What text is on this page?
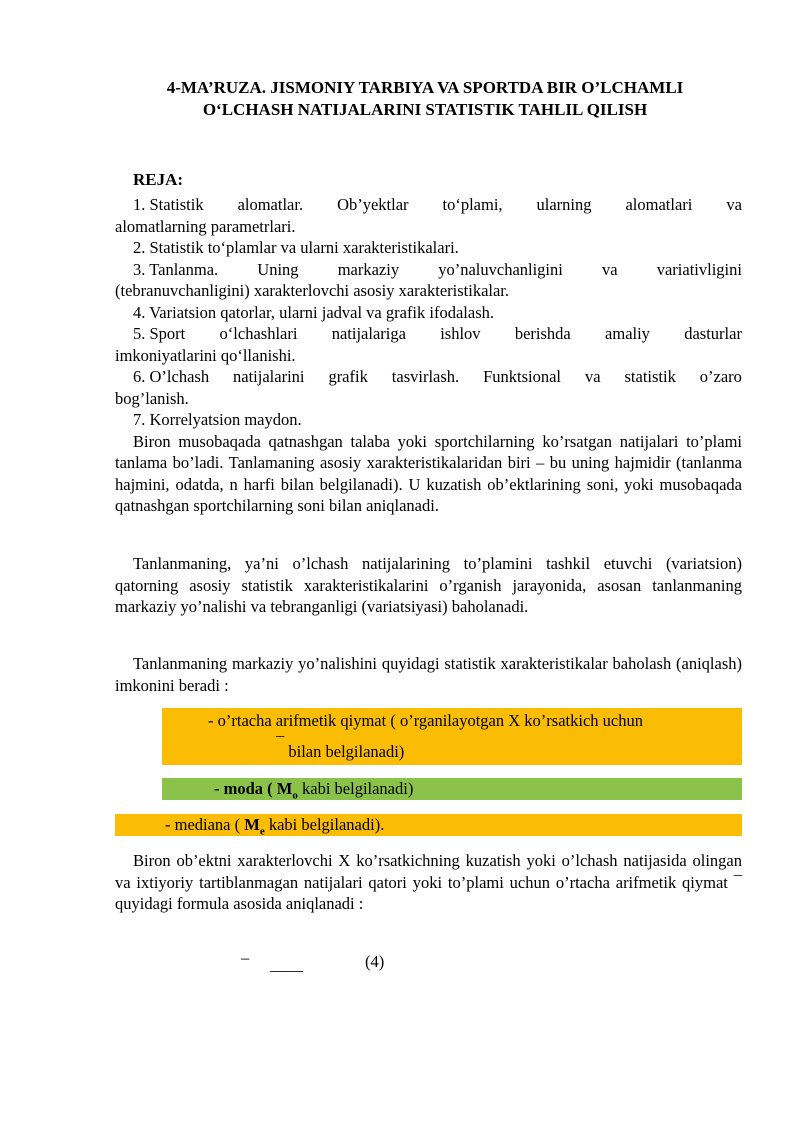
4-MA’RUZA. JISMONIY TARBIYA VA SPORTDA BIR O’LCHAMLI
O‘LCHASH NATIJALARINI STATISTIK TAHLIL QILISH
REJA:
1. Statistik	alomatlar.	Ob’yektlar	to‘plami,	ularning	alomatlari	va
alomatlarning parametrlari.
2. Statistik to‘plamlar va ularni xarakteristikalari.
3. Tanlanma.	Uning	markaziy	yo’naluvchanligini	va	variativligini
(tebranuvchanligini) xarakterlovchi asosiy xarakteristikalar.
4. Variatsion qatorlar, ularni jadval va grafik ifodalash.
5. Sport	o‘lchashlari	natijalariga	ishlov	berishda	amaliy	dasturlar
imkoniyatlarini qo‘llanishi.
6. O’lchash	natijalarini	grafik	tasvirlash.	Funktsional	va	statistik	o’zaro
bog’lanish.
7. Korrelyatsion maydon.
Biron musobaqada qatnashgan talaba yoki sportchilarning ko’rsatgan natijalari to’plami tanlama bo’ladi. Tanlamaning asosiy xarakteristikalaridan biri – bu uning hajmidir (tanlanma hajmini, odatda, n harfi bilan belgilanadi). U kuzatish ob’ektlarining soni, yoki musobaqada qatnashgan sportchilarning soni bilan aniqlanadi.
Tanlanmaning, ya’ni o’lchash natijalarining to’plamini tashkil etuvchi (variatsion) qatorning asosiy statistik xarakteristikalarini o’rganish jarayonida, asosan tanlanmaning markaziy yo’nalishi va tebranganligi (variatsiyasi) baholanadi.
Tanlanmaning markaziy yo’nalishini quyidagi statistik xarakteristikalar baholash (aniqlash) imkonini beradi :
- o’rtacha arifmetik qiymat ( o’rganilayotgan X ko’rsatkich uchun
¯ bilan belgilanadi)
- moda ( $M_o$ kabi belgilanadi)
- mediana ( $M_e$ kabi belgilanadi).
Biron ob’ektni xarakterlovchi X ko’rsatkichning kuzatish yoki o’lchash natijasida olingan va ixtiyoriy tartiblanmagan natijalari qatori yoki to’plami uchun o’rtacha arifmetik qiymat ¯ quyidagi formula asosida aniqlanadi :
– ____	(4)
